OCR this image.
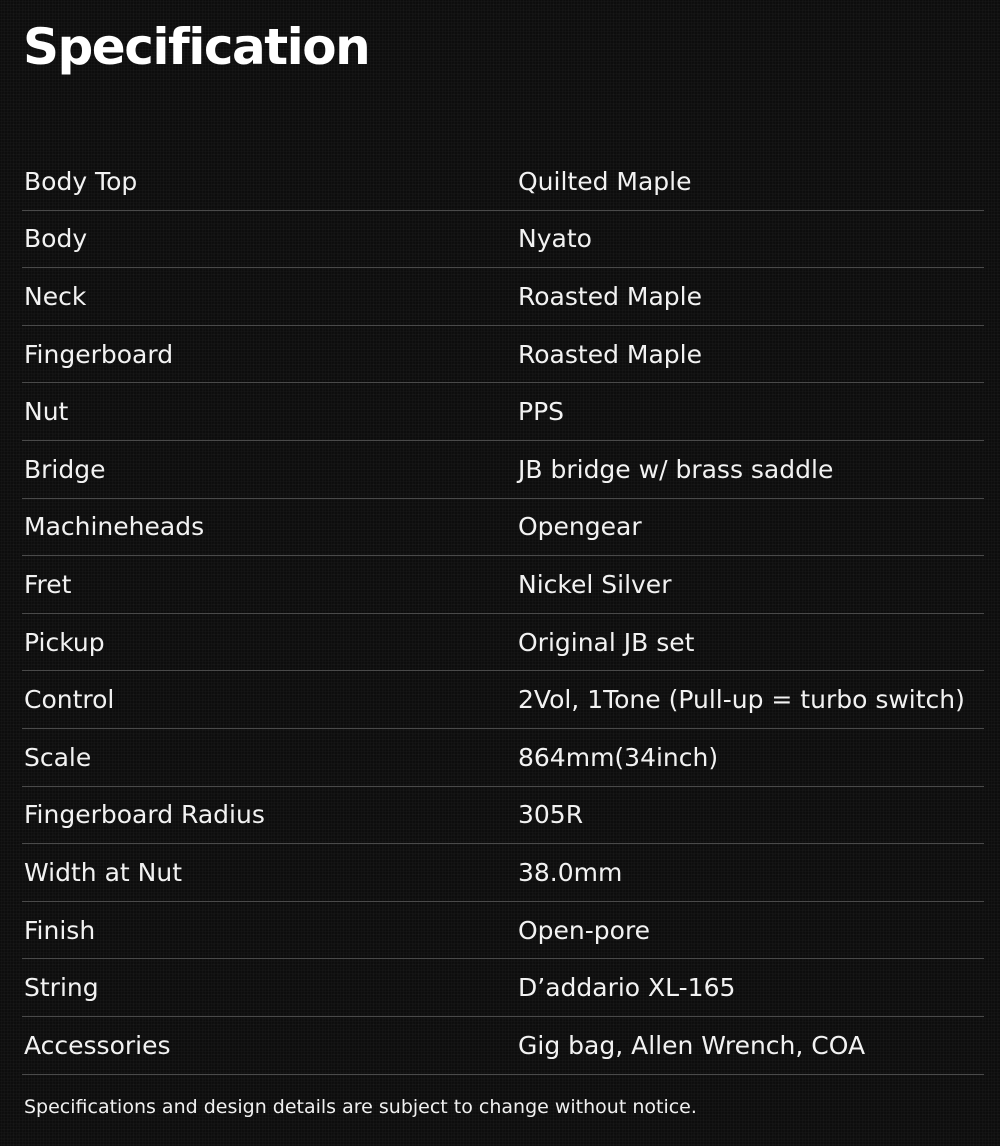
Specification
Body Top	Quilted Maple
Body	Nyato
Neck	Roasted Maple
Fingerboard	Roasted Maple
Nut	PPS
Bridge	JB bridge w/ brass saddle
Machineheads	Opengear
Fret	Nickel Silver
Pickup	Original JB set
Control	2Vol, 1Tone (Pull-up = turbo switch)
Scale	864mm(34inch)
Fingerboard Radius	305R
Width at Nut	38.0mm
Finish	Open-pore
String	D’addario XL-165
Accessories	Gig bag, Allen Wrench, COA

Specifications and design details are subject to change without notice.
